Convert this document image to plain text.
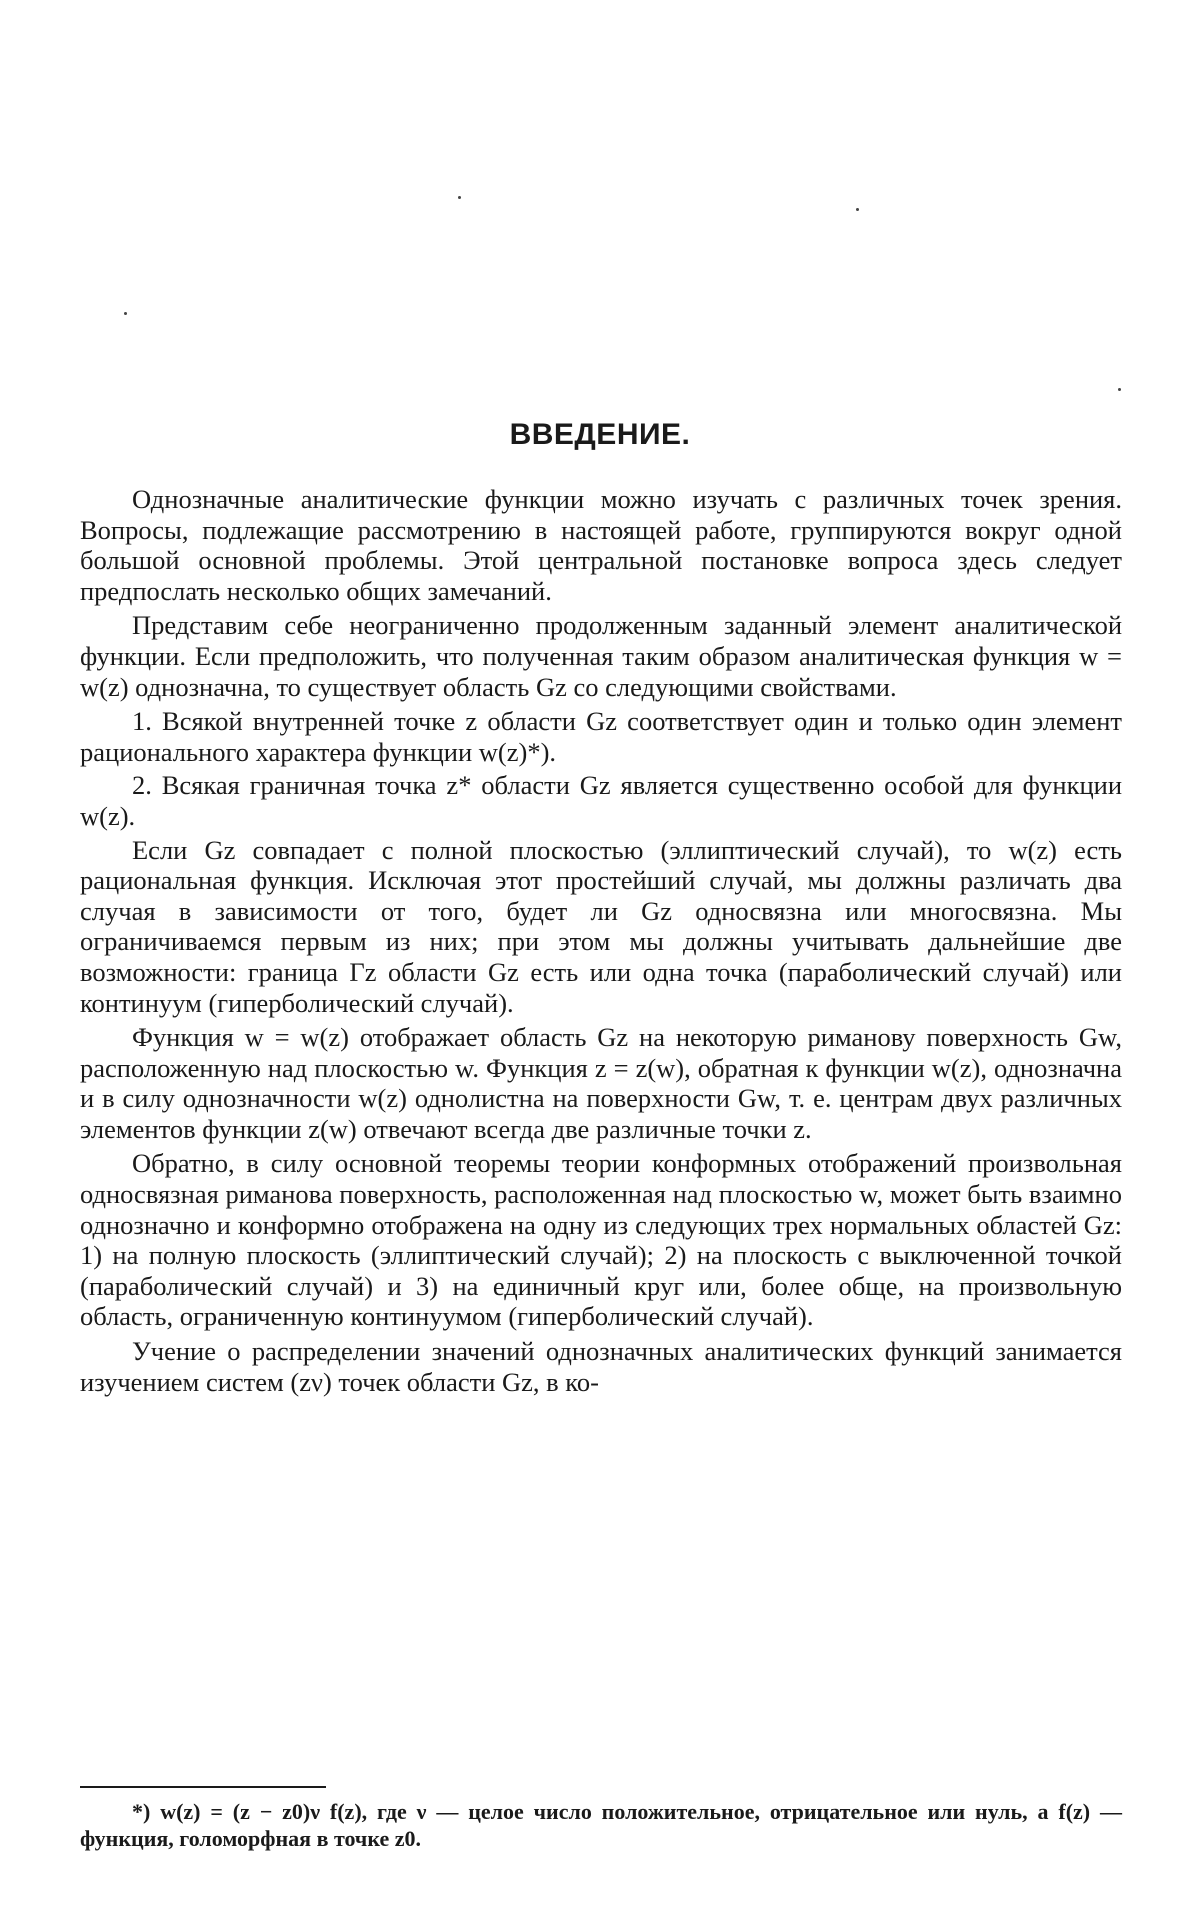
ВВЕДЕНИЕ.

Однозначные аналитические функции можно изучать с различных точек зрения. Вопросы, подлежащие рассмотрению в настоящей работе, группируются вокруг одной большой основной проблемы. Этой центральной постановке вопроса здесь следует предпослать несколько общих замечаний.

Представим себе неограниченно продолженным заданный элемент аналитической функции. Если предположить, что полученная таким образом аналитическая функция w = w(z) однозначна, то существует область Gz со следующими свойствами.

1. Всякой внутренней точке z области Gz соответствует один и только один элемент рационального характера функции w(z)*).

2. Всякая граничная точка z* области Gz является существенно особой для функции w(z).

Если Gz совпадает с полной плоскостью (эллиптический случай), то w(z) есть рациональная функция. Исключая этот простейший случай, мы должны различать два случая в зависимости от того, будет ли Gz односвязна или многосвязна. Мы ограничиваемся первым из них; при этом мы должны учитывать дальнейшие две возможности: граница Γz области Gz есть или одна точка (параболический случай) или континуум (гиперболический случай).

Функция w = w(z) отображает область Gz на некоторую риманову поверхность Gw, расположенную над плоскостью w. Функция z = z(w), обратная к функции w(z), однозначна и в силу однозначности w(z) однолистна на поверхности Gw, т. е. центрам двух различных элементов функции z(w) отвечают всегда две различные точки z.

Обратно, в силу основной теоремы теории конформных отображений произвольная односвязная риманова поверхность, расположенная над плоскостью w, может быть взаимно однозначно и конформно отображена на одну из следующих трех нормальных областей Gz: 1) на полную плоскость (эллиптический случай); 2) на плоскость с выключенной точкой (параболический случай) и 3) на единичный круг или, более обще, на произвольную область, ограниченную континуумом (гиперболический случай).

Учение о распределении значений однозначных аналитических функций занимается изучением систем (zν) точек области Gz, в ко-

*) w(z) = (z − z0)ν f(z), где ν — целое число положительное, отрицательное или нуль, а f(z) — функция, голоморфная в точке z0.
